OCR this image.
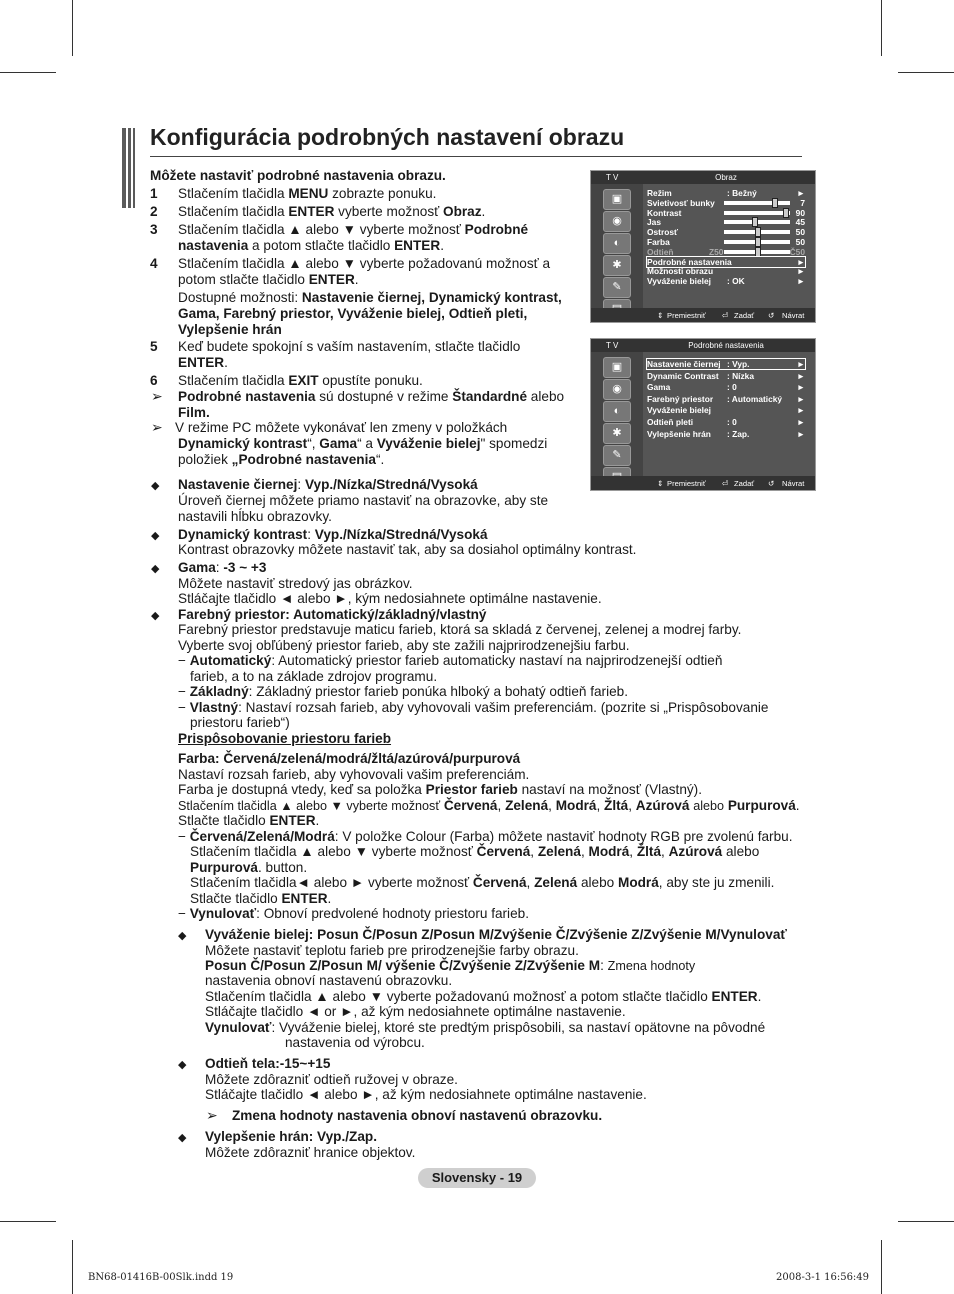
Konfigurácia podrobných nastavení obrazu
Môžete nastaviť podrobné nastavenia obrazu.
Stlačením tlačidla MENU zobrazte ponuku.
Stlačením tlačidla ENTER vyberte možnosť Obraz.
Stlačením tlačidla ▲ alebo ▼ vyberte možnosť Podrobné
nastavenia a potom stlačte tlačidlo ENTER.
Stlačením tlačidla ▲ alebo ▼ vyberte požadovanú možnosť a
potom stlačte tlačidlo ENTER.
Dostupné možnosti: Nastavenie čiernej, Dynamický kontrast,
Gama, Farebný priestor, Vyváženie bielej, Odtieň pleti,
Vylepšenie hrán
Keď budete spokojní s vaším nastavením, stlačte tlačidlo
ENTER.
Stlačením tlačidla EXIT opustíte ponuku.
Podrobné nastavenia sú dostupné v režime Štandardné alebo
Film.
V režime PC môžete vykonávať len zmeny v položkách
Dynamický kontrast“, Gama“ a Vyváženie bielej" spomedzi
položiek „Podrobné nastavenia“.
Nastavenie čiernej: Vyp./Nízka/Stredná/Vysoká
Úroveň čiernej môžete priamo nastaviť na obrazovke, aby ste
nastavili hĺbku obrazovky.
Dynamický kontrast: Vyp./Nízka/Stredná/Vysoká
Kontrast obrazovky môžete nastaviť tak, aby sa dosiahol optimálny kontrast.
Gama: -3 ~ +3
Môžete nastaviť stredový jas obrázkov.
Stláčajte tlačidlo ◄ alebo ►, kým nedosiahnete optimálne nastavenie.
Farebný priestor: Automatický/základný/vlastný
Farebný priestor predstavuje maticu farieb, ktorá sa skladá z červenej, zelenej a modrej farby.
Vyberte svoj obľúbený priestor farieb, aby ste zažili najprirodzenejšiu farbu.
− Automatický: Automatický priestor farieb automaticky nastaví na najprirodzenejší odtieň
farieb, a to na základe zdrojov programu.
− Základný: Základný priestor farieb ponúka hlboký a bohatý odtieň farieb.
− Vlastný: Nastaví rozsah farieb, aby vyhovovali vašim preferenciám. (pozrite si „Prispôsobovanie
priestoru farieb“)
Prispôsobovanie priestoru farieb
Farba: Červená/zelená/modrá/žltá/azúrová/purpurová
Nastaví rozsah farieb, aby vyhovovali vašim preferenciám.
Farba je dostupná vtedy, keď sa položka Priestor farieb nastaví na možnosť (Vlastný).
Stlačením tlačidla ▲ alebo ▼ vyberte možnosť Červená, Zelená, Modrá, Žltá, Azúrová alebo Purpurová.
Stlačte tlačidlo ENTER.
− Červená/Zelená/Modrá: V položke Colour (Farba) môžete nastaviť hodnoty RGB pre zvolenú farbu.
Stlačením tlačidla ▲ alebo ▼ vyberte možnosť Červená, Zelená, Modrá, Žltá, Azúrová alebo
Purpurová. button.
Stlačením tlačidla◄ alebo ► vyberte možnosť Červená, Zelená alebo Modrá, aby ste ju zmenili.
Stlačte tlačidlo ENTER.
− Vynulovať: Obnoví predvolené hodnoty priestoru farieb.
Vyváženie bielej: Posun Č/Posun Z/Posun M/Zvýšenie Č/Zvýšenie Z/Zvýšenie M/Vynulovať
Môžete nastaviť teplotu farieb pre prirodzenejšie farby obrazu.
Posun Č/Posun Z/Posun M/ výšenie Č/Zvýšenie Z/Zvýšenie M: Zmena hodnoty
nastavenia obnoví nastavenú obrazovku.
Stlačením tlačidla ▲ alebo ▼ vyberte požadovanú možnosť a potom stlačte tlačidlo ENTER.
Stláčajte tlačidlo ◄ or ►, až kým nedosiahnete optimálne nastavenie.
Vynulovať: Vyváženie bielej, ktoré ste predtým prispôsobili, sa nastaví opätovne na pôvodné
nastavenia od výrobcu.
Odtieň tela:-15~+15
Môžete zdôrazniť odtieň ružovej v obraze.
Stláčajte tlačidlo ◄ alebo ►, až kým nedosiahnete optimálne nastavenie.
Zmena hodnoty nastavenia obnoví nastavenú obrazovku.
Vylepšenie hrán: Vyp./Zap.
Môžete zdôrazniť hranice objektov.
1
2
3
4
5
6
◆
◆
◆
◆
◆
◆
◆
➢
➢
➢
T V	Obraz
▣
◉
◐
✱
✎
Režim	: Bežný	►
Svietivosť bunky	7
Kontrast	90
Jas	45
Ostrosť	50
Farba	50
Odtieň	Z50	Č50
Podrobné nastavenia	►
Možnosti obrazu	►
Vyváženie bielej : OK	►
⇕ Premiestniť ⏎ Zadať ↺ Návrat
T V	Podrobné nastavenia
▣
◉
◐
✱
✎
Nastavenie čiernej : Vyp.	►
Dynamic Contrast : Nízka	►
Gama	: 0	►
Farebný priestor : Automatický ►
Vyváženie bielej	►
Odtieň pleti	: 0	►
Vylepšenie hrán : Zap.	►
⇕ Premiestniť ⏎ Zadať ↺ Návrat
Slovensky - 19
BN68-01416B-00Slk.indd 19	2008-3-1 16:56:49
